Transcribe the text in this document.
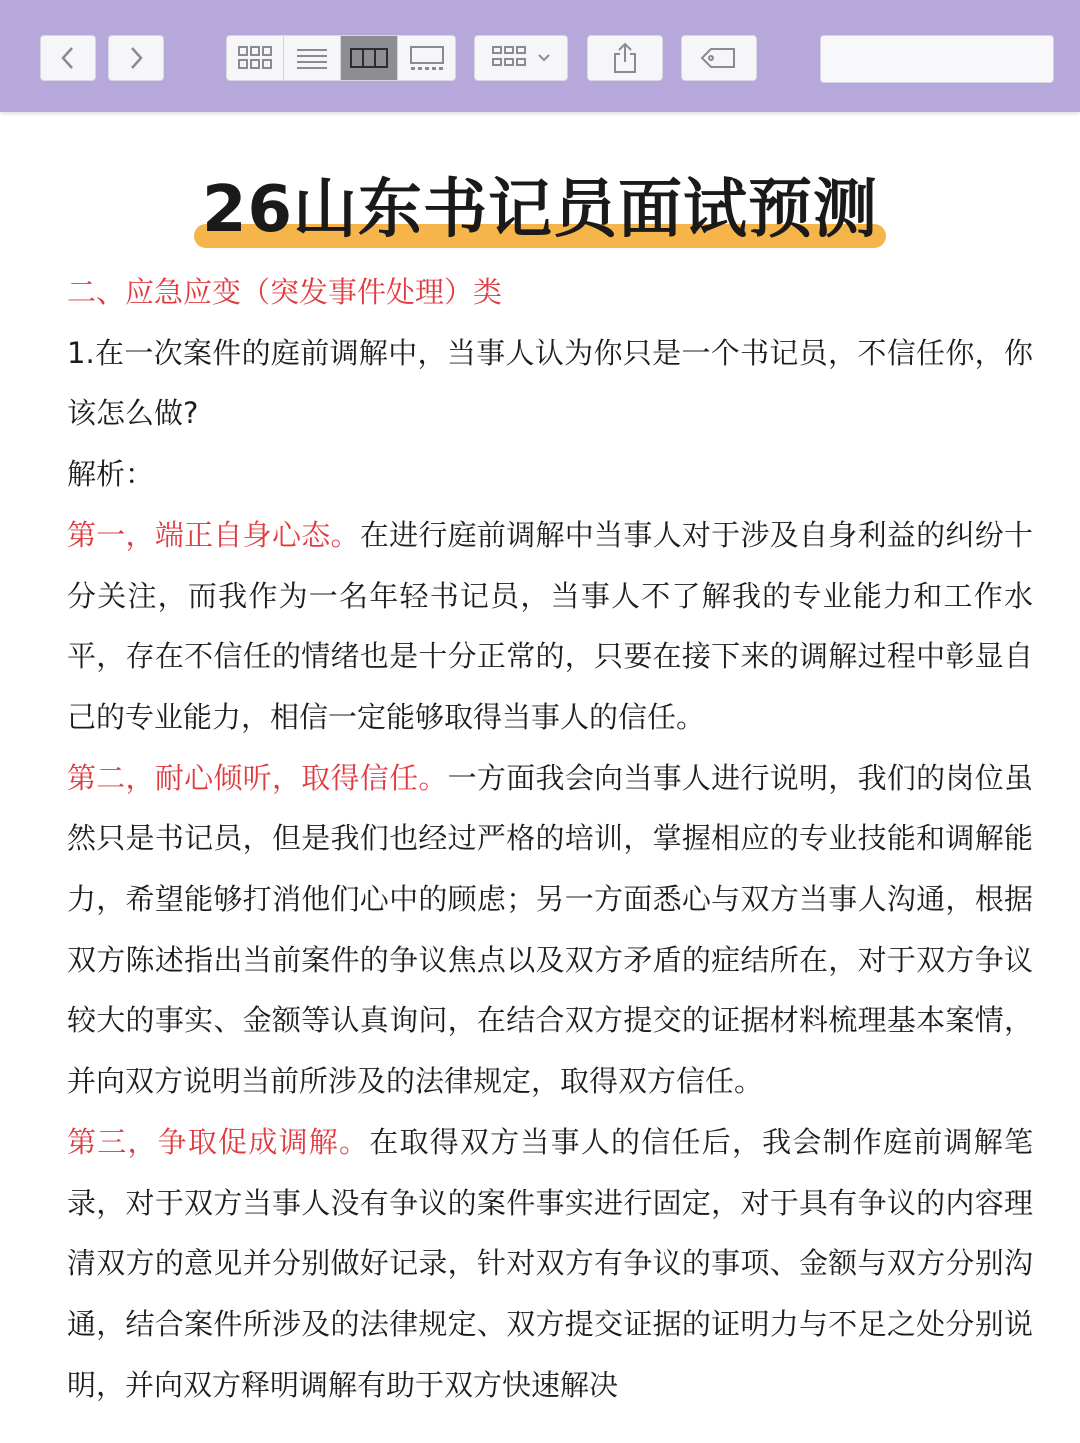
26山东书记员面试预测

二、应急应变（突发事件处理）类

1.在一次案件的庭前调解中，当事人认为你只是一个书记员，不信任你，你该怎么做?

解析：

第一，端正自身心态。在进行庭前调解中当事人对于涉及自身利益的纠纷十分关注，而我作为一名年轻书记员，当事人不了解我的专业能力和工作水平，存在不信任的情绪也是十分正常的，只要在接下来的调解过程中彰显自己的专业能力，相信一定能够取得当事人的信任。

第二，耐心倾听，取得信任。一方面我会向当事人进行说明，我们的岗位虽然只是书记员，但是我们也经过严格的培训，掌握相应的专业技能和调解能力，希望能够打消他们心中的顾虑；另一方面悉心与双方当事人沟通，根据双方陈述指出当前案件的争议焦点以及双方矛盾的症结所在，对于双方争议较大的事实、金额等认真询问，在结合双方提交的证据材料梳理基本案情，并向双方说明当前所涉及的法律规定，取得双方信任。

第三，争取促成调解。在取得双方当事人的信任后，我会制作庭前调解笔录，对于双方当事人没有争议的案件事实进行固定，对于具有争议的内容理清双方的意见并分别做好记录，针对双方有争议的事项、金额与双方分别沟通，结合案件所涉及的法律规定、双方提交证据的证明力与不足之处分别说明，并向双方释明调解有助于双方快速解决
